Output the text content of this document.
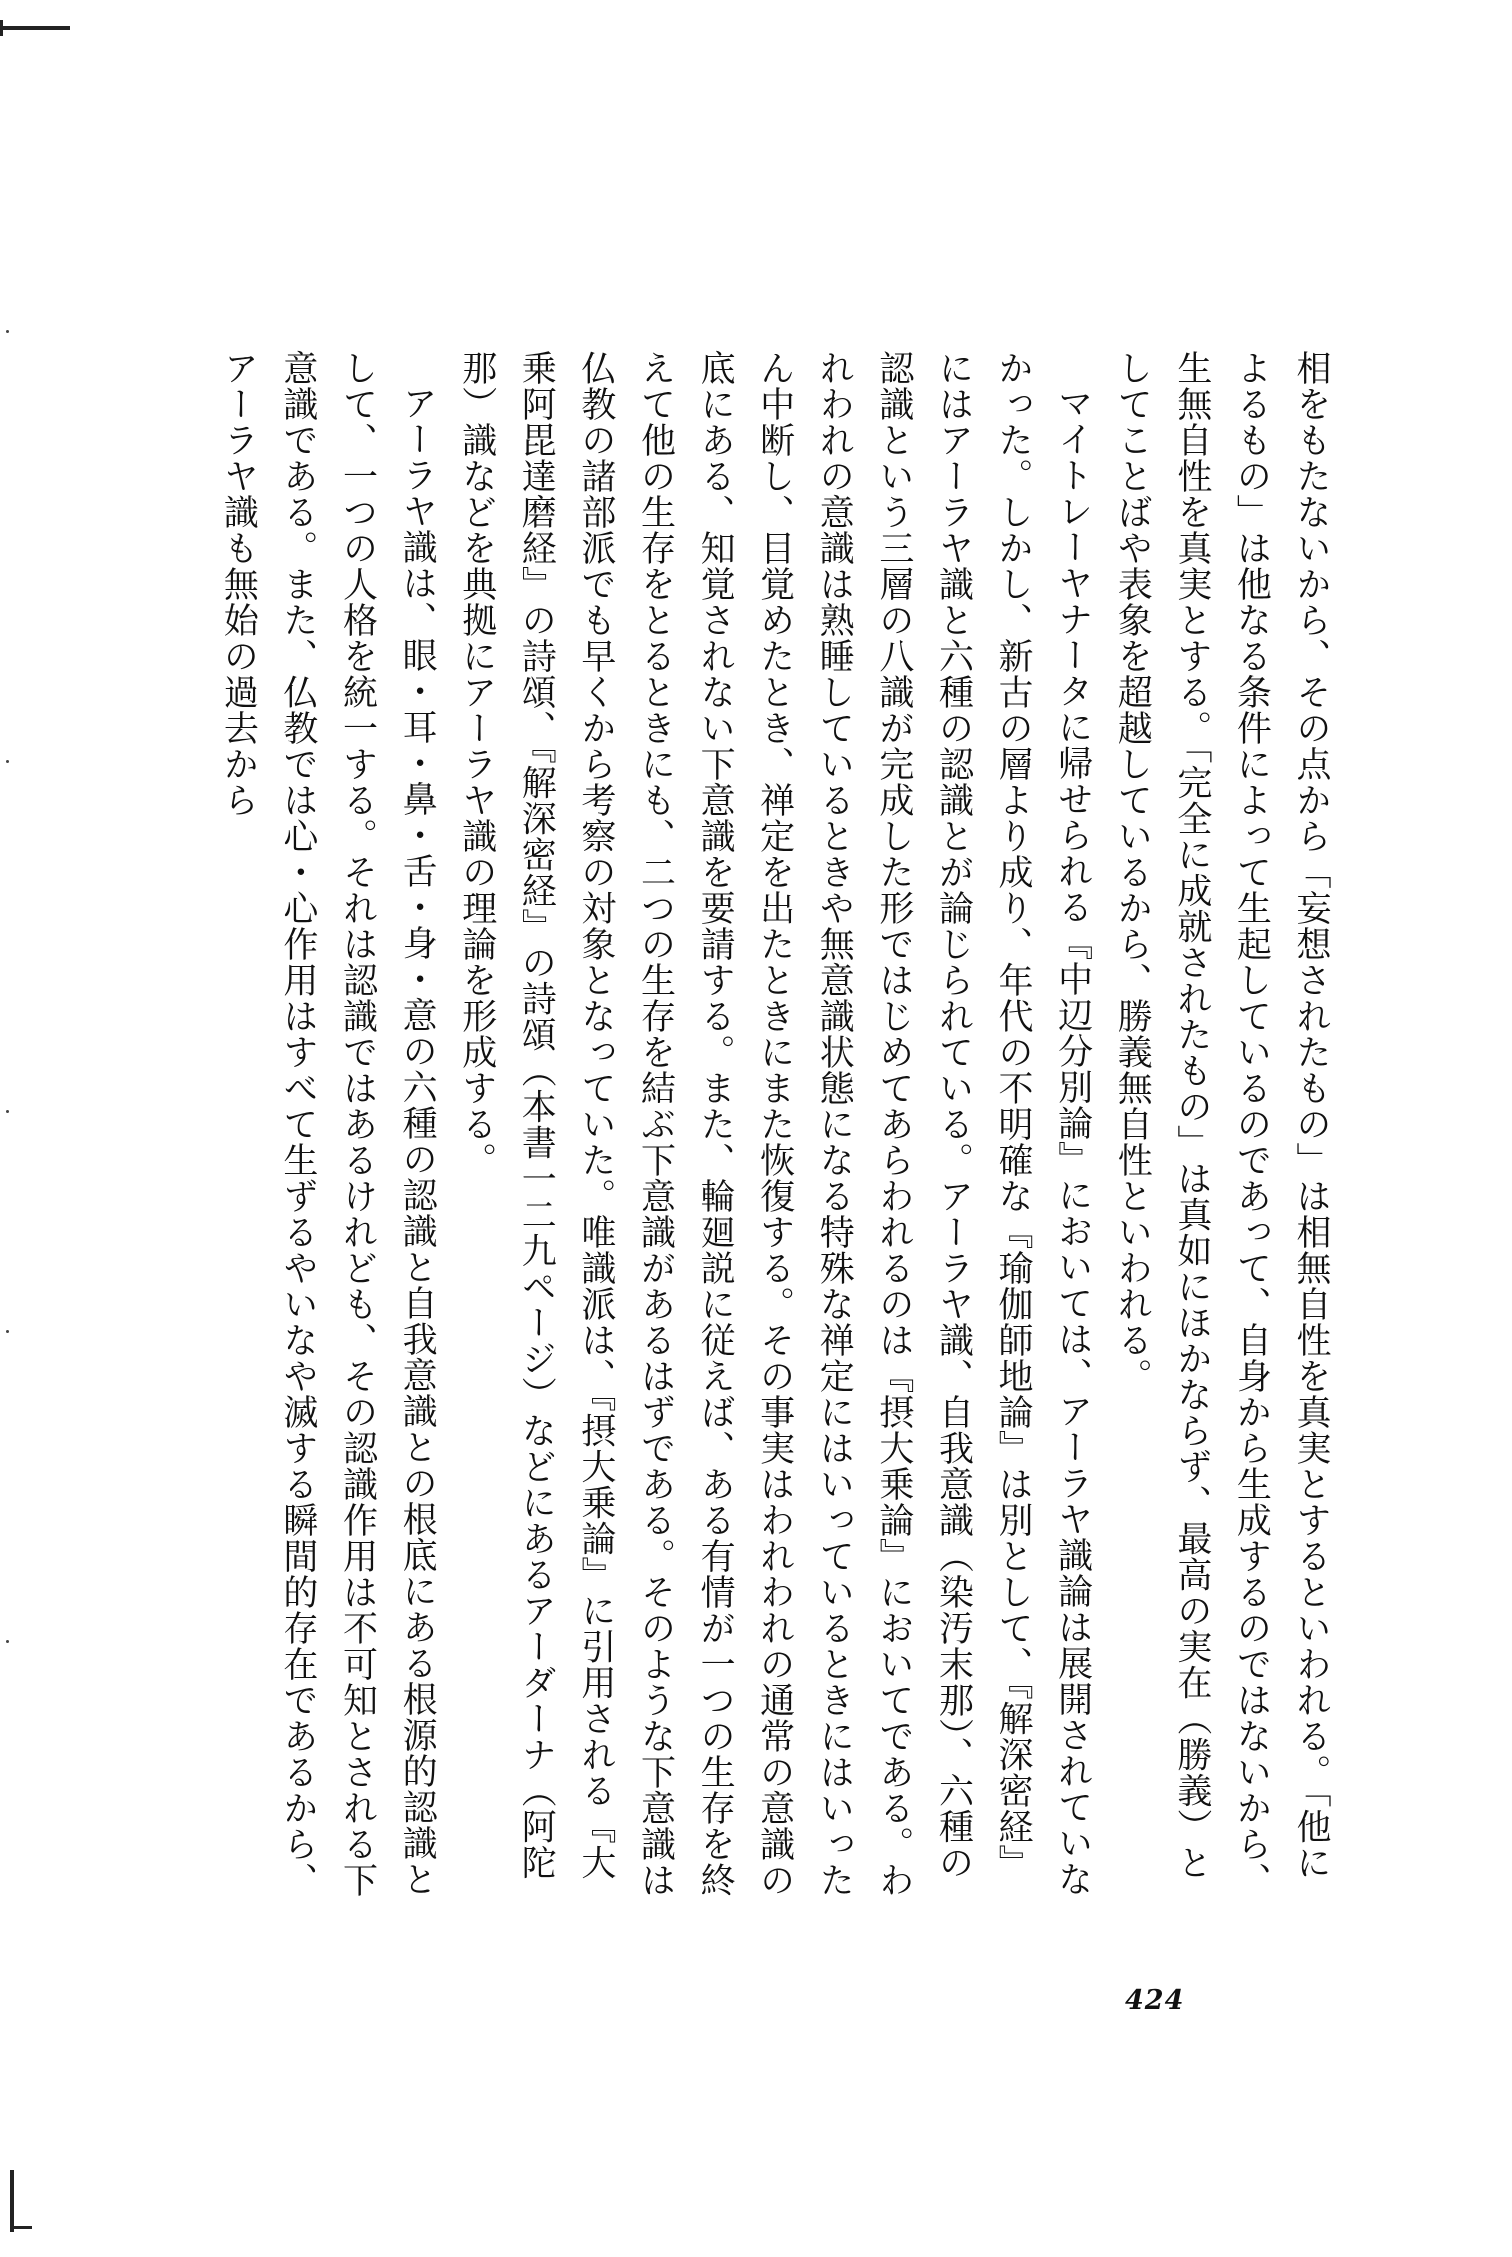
相をもたないから、その点から「妄想されたもの」は相無自性を真実とするといわれる。「他によるもの」は他なる条件によって生起しているのであって、自身から生成するのではないから、生無自性を真実とする。「完全に成就されたもの」は真如にほかならず、最高の実在（勝義）としてことばや表象を超越しているから、勝義無自性といわれる。

マイトレーヤナータに帰せられる『中辺分別論』においては、アーラヤ識論は展開されていなかった。しかし、新古の層より成り、年代の不明確な『瑜伽師地論』は別として、『解深密経』にはアーラヤ識と六種の認識とが論じられている。アーラヤ識、自我意識（染汚末那）、六種の認識という三層の八識が完成した形ではじめてあらわれるのは『摂大乗論』においてである。われわれの意識は熟睡しているときや無意識状態になる特殊な禅定にはいっているときにはいったん中断し、目覚めたとき、禅定を出たときにまた恢復する。その事実はわれわれの通常の意識の底にある、知覚されない下意識を要請する。また、輪廻説に従えば、ある有情が一つの生存を終えて他の生存をとるときにも、二つの生存を結ぶ下意識があるはずである。そのような下意識は仏教の諸部派でも早くから考察の対象となっていた。唯識派は、『摂大乗論』に引用される『大乗阿毘達磨経』の詩頌、『解深密経』の詩頌（本書一二九ページ）などにあるアーダーナ（阿陀那）識などを典拠にアーラヤ識の理論を形成する。

アーラヤ識は、眼・耳・鼻・舌・身・意の六種の認識と自我意識との根底にある根源的認識として、一つの人格を統一する。それは認識ではあるけれども、その認識作用は不可知とされる下意識である。また、仏教では心・心作用はすべて生ずるやいなや滅する瞬間的存在であるから、アーラヤ識も無始の過去から

424
